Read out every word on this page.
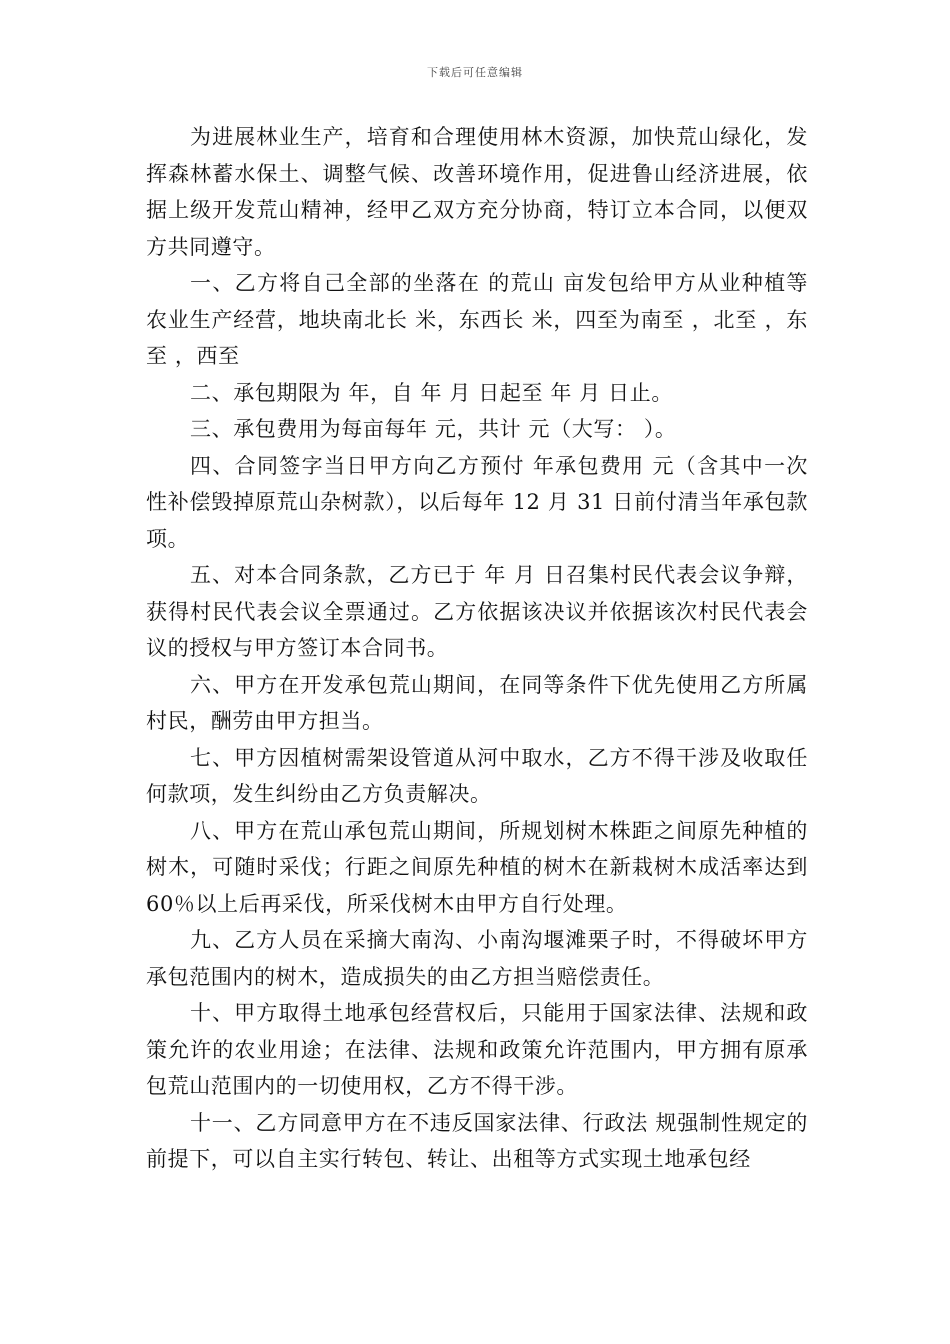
下载后可任意编辑

为进展林业生产，培育和合理使用林木资源，加快荒山绿化，发挥森林蓄水保土、调整气候、改善环境作用，促进鲁山经济进展，依据上级开发荒山精神，经甲乙双方充分协商，特订立本合同，以便双方共同遵守。

一、乙方将自己全部的坐落在 的荒山 亩发包给甲方从业种植等农业生产经营，地块南北长 米，东西长 米，四至为南至 ，北至 ，东至 ，西至

二、承包期限为 年，自 年 月 日起至 年 月 日止。

三、承包费用为每亩每年 元，共计 元（大写： ）。

四、合同签字当日甲方向乙方预付 年承包费用 元（含其中一次性补偿毁掉原荒山杂树款），以后每年 12 月 31 日前付清当年承包款项。

五、对本合同条款，乙方已于 年 月 日召集村民代表会议争辩，获得村民代表会议全票通过。乙方依据该决议并依据该次村民代表会议的授权与甲方签订本合同书。

六、甲方在开发承包荒山期间，在同等条件下优先使用乙方所属村民，酬劳由甲方担当。

七、甲方因植树需架设管道从河中取水，乙方不得干涉及收取任何款项，发生纠纷由乙方负责解决。

八、甲方在荒山承包荒山期间，所规划树木株距之间原先种植的树木，可随时采伐；行距之间原先种植的树木在新栽树木成活率达到 60％以上后再采伐，所采伐树木由甲方自行处理。

九、乙方人员在采摘大南沟、小南沟堰滩栗子时，不得破坏甲方承包范围内的树木，造成损失的由乙方担当赔偿责任。

十、甲方取得土地承包经营权后，只能用于国家法律、法规和政策允许的农业用途；在法律、法规和政策允许范围内，甲方拥有原承包荒山范围内的一切使用权，乙方不得干涉。

十一、乙方同意甲方在不违反国家法律、行政法 规强制性规定的前提下，可以自主实行转包、转让、出租等方式实现土地承包经
